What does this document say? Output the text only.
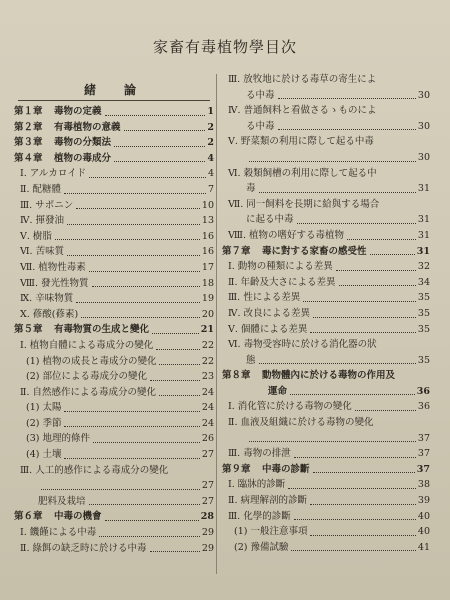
家畜有毒植物學目次
緒　論
第１章	毒物の定義	1
第２章	有毒植物の意義	2
第３章	毒物の分類法	2
第４章	植物の毒成分	4
Ⅰ. アルカロイド	4
Ⅱ. 配糖體	7
Ⅲ. サポニン	10
Ⅳ. 揮發油	13
Ⅴ. 樹脂	16
Ⅵ. 苦味質	16
Ⅶ. 植物性毒素	17
Ⅷ. 發光性物質	18
Ⅸ. 辛味物質	19
Ⅹ. 蓚酸(蓚素)	20
第５章	有毒物質の生成と變化	21
Ⅰ. 植物自體による毒成分の變化	22
(1) 植物の成長と毒成分の變化	22
(2) 部位による毒成分の變化	23
Ⅱ. 自然感作による毒成分の變化	24
(1) 太陽	24
(2) 季節	24
(3) 地理的條件	26
(4) 土壤	27
Ⅲ. 人工的感作による毒成分の變化
27
肥料及栽培	27
第６章	中毒の機會	28
Ⅰ. 饑饉による中毒	29
Ⅱ. 綠餌の缺乏時に於ける中毒	29
Ⅲ. 放牧地に於ける毒草の寄生によ
る中毒	30
Ⅳ. 普通飼料と看做さるゝものによ
る中毒	30
Ⅴ. 野菜類の利用に際して起る中毒
30
Ⅵ. 穀類飼槽の利用に際して起る中
毒	31
Ⅶ. 同一飼料を長期に給與する場合
に起る中毒	31
Ⅷ. 植物の嗜好する毒植物	31
第７章	毒に對する家畜の感受性	31
Ⅰ. 動物の種類による差異	32
Ⅱ. 年齡及大さによる差異	34
Ⅲ. 性による差異	35
Ⅳ. 改良による差異	35
Ⅴ. 個體による差異	35
Ⅵ. 毒物受容時に於ける消化器の狀
態	35
第８章	動物體內に於ける毒物の作用及
運命	36
Ⅰ. 消化管に於ける毒物の變化	36
Ⅱ. 血液及組織に於ける毒物の變化
37
Ⅲ. 毒物の排泄	37
第９章	中毒の診斷	37
Ⅰ. 臨牀的診斷	38
Ⅱ. 病理解剖的診斷	39
Ⅲ. 化學的診斷	40
(1) 一般注意事項	40
(2) 豫備試驗	41
